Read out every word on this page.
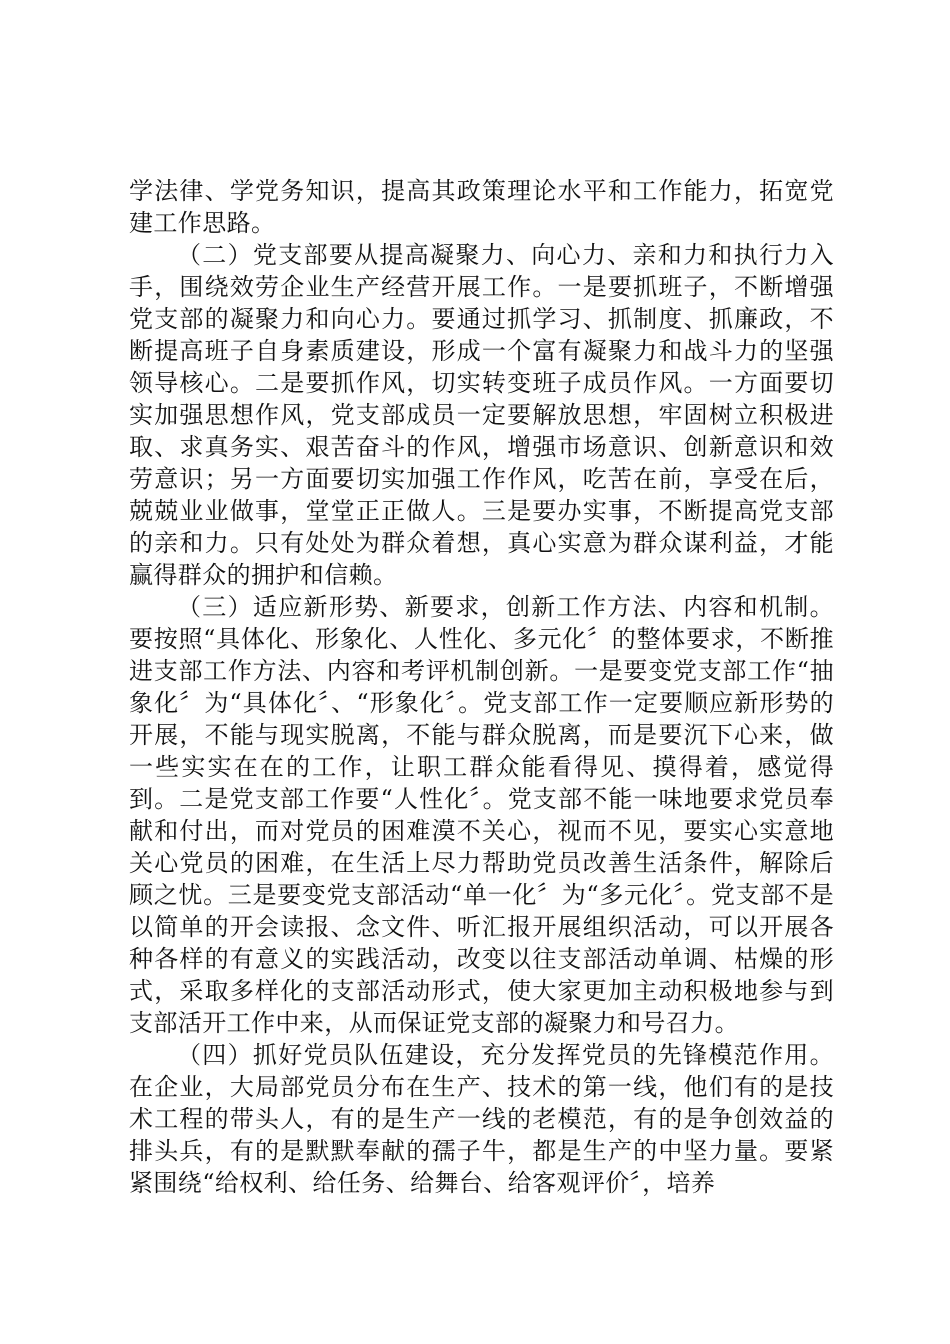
学法律、学党务知识，提高其政策理论水平和工作能力，拓宽党建工作思路。

（二）党支部要从提高凝聚力、向心力、亲和力和执行力入手，围绕效劳企业生产经营开展工作。一是要抓班子，不断增强党支部的凝聚力和向心力。要通过抓学习、抓制度、抓廉政，不断提高班子自身素质建设，形成一个富有凝聚力和战斗力的坚强领导核心。二是要抓作风，切实转变班子成员作风。一方面要切实加强思想作风，党支部成员一定要解放思想，牢固树立积极进取、求真务实、艰苦奋斗的作风，增强市场意识、创新意识和效劳意识；另一方面要切实加强工作作风，吃苦在前，享受在后，兢兢业业做事，堂堂正正做人。三是要办实事，不断提高党支部的亲和力。只有处处为群众着想，真心实意为群众谋利益，才能赢得群众的拥护和信赖。

（三）适应新形势、新要求，创新工作方法、内容和机制。要按照“具体化、形象化、人性化、多元化〞的整体要求，不断推进支部工作方法、内容和考评机制创新。一是要变党支部工作“抽象化〞为“具体化〞、“形象化〞。党支部工作一定要顺应新形势的开展，不能与现实脱离，不能与群众脱离，而是要沉下心来，做一些实实在在的工作，让职工群众能看得见、摸得着，感觉得到。二是党支部工作要“人性化〞。党支部不能一味地要求党员奉献和付出，而对党员的困难漠不关心，视而不见，要实心实意地关心党员的困难，在生活上尽力帮助党员改善生活条件，解除后顾之忧。三是要变党支部活动“单一化〞为“多元化〞。党支部不是以简单的开会读报、念文件、听汇报开展组织活动，可以开展各种各样的有意义的实践活动，改变以往支部活动单调、枯燥的形式，采取多样化的支部活动形式，使大家更加主动积极地参与到支部活开工作中来，从而保证党支部的凝聚力和号召力。

（四）抓好党员队伍建设，充分发挥党员的先锋模范作用。在企业，大局部党员分布在生产、技术的第一线，他们有的是技术工程的带头人，有的是生产一线的老模范，有的是争创效益的排头兵，有的是默默奉献的孺子牛，都是生产的中坚力量。要紧紧围绕“给权利、给任务、给舞台、给客观评价〞，培养
